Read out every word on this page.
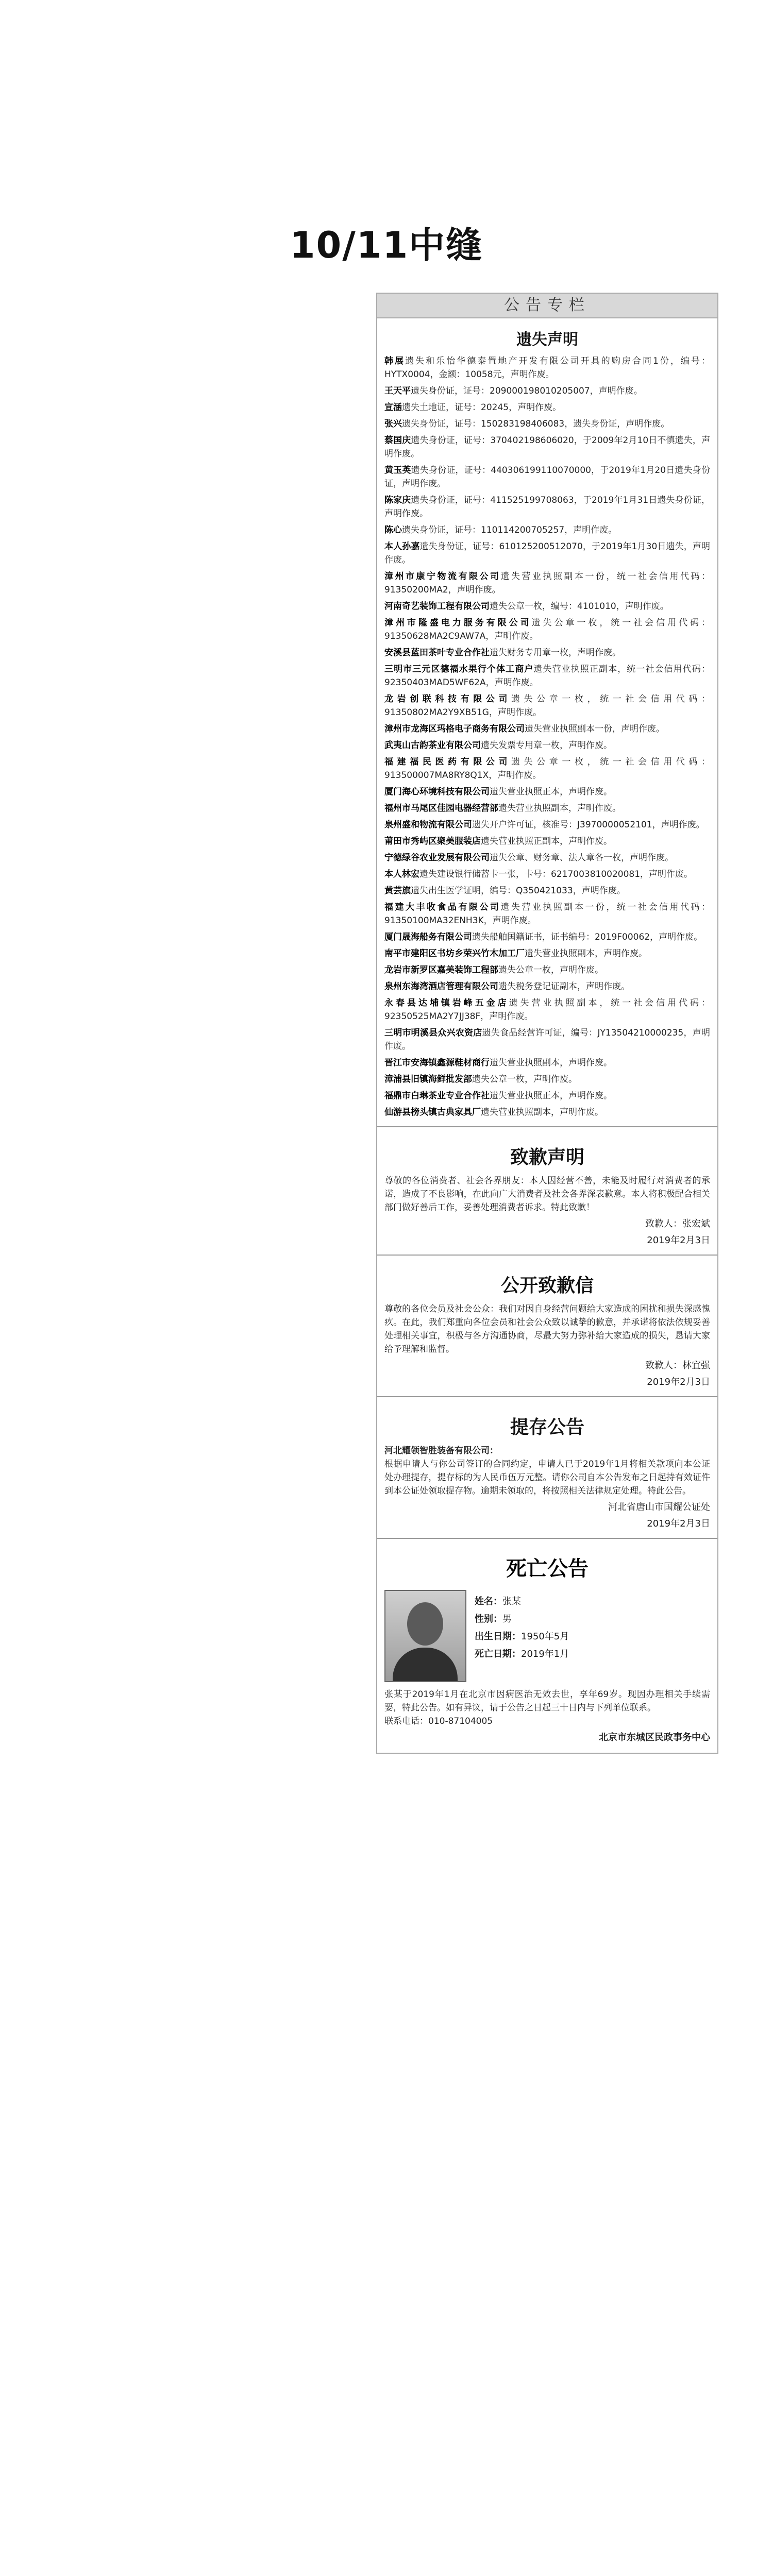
10/11中缝
公告专栏
遗失声明
韩展遗失和乐怡华德泰置地产开发有限公司开具的购房合同1份，编号：HYTX0004，金额：10058元，声明作废。
王天平遗失身份证，证号：209000198010205007，声明作废。
宣涵遗失土地证，证号：20245，声明作废。
张兴遗失身份证，证号：150283198406083，遗失身份证，声明作废。
蔡国庆遗失身份证，证号：370402198606020，于2009年2月10日不慎遗失，声明作废。
黄玉英遗失身份证，证号：440306199110070000，于2019年1月20日遗失身份证，声明作废。
陈家庆遗失身份证，证号：411525199708063，于2019年1月31日遗失身份证，声明作废。
陈心遗失身份证，证号：110114200705257，声明作废。
本人孙嘉遗失身份证，证号：610125200512070，于2019年1月30日遗失，声明作废。
漳州市康宁物流有限公司遗失营业执照副本一份，统一社会信用代码：91350200MA2，声明作废。
河南奇艺装饰工程有限公司遗失公章一枚，编号：4101010，声明作废。
漳州市隆盛电力服务有限公司遗失公章一枚，统一社会信用代码：91350628MA2C9AW7A，声明作废。
安溪县蓝田茶叶专业合作社遗失财务专用章一枚，声明作废。
三明市三元区德福水果行个体工商户遗失营业执照正副本，统一社会信用代码：92350403MAD5WF62A，声明作废。
龙岩创联科技有限公司遗失公章一枚，统一社会信用代码：91350802MA2Y9XB51G，声明作废。
漳州市龙海区玛格电子商务有限公司遗失营业执照副本一份，声明作废。
武夷山古韵茶业有限公司遗失发票专用章一枚，声明作废。
福建福民医药有限公司遗失公章一枚，统一社会信用代码：913500007MA8RY8Q1X，声明作废。
厦门海心环境科技有限公司遗失营业执照正本，声明作废。
福州市马尾区佳园电器经营部遗失营业执照副本，声明作废。
泉州盛和物流有限公司遗失开户许可证，核准号：J3970000052101，声明作废。
莆田市秀屿区聚美服装店遗失营业执照正副本，声明作废。
宁德绿谷农业发展有限公司遗失公章、财务章、法人章各一枚，声明作废。
本人林宏遗失建设银行储蓄卡一张，卡号：6217003810020081，声明作废。
黄芸旗遗失出生医学证明，编号：Q350421033，声明作废。
福建大丰收食品有限公司遗失营业执照副本一份，统一社会信用代码：91350100MA32ENH3K，声明作废。
厦门晟海船务有限公司遗失船舶国籍证书，证书编号：2019F00062，声明作废。
南平市建阳区书坊乡荣兴竹木加工厂遗失营业执照副本，声明作废。
龙岩市新罗区嘉美装饰工程部遗失公章一枚，声明作废。
泉州东海湾酒店管理有限公司遗失税务登记证副本，声明作废。
永春县达埔镇岩峰五金店遗失营业执照副本，统一社会信用代码：92350525MA2Y7JJ38F，声明作废。
三明市明溪县众兴农资店遗失食品经营许可证，编号：JY13504210000235，声明作废。
晋江市安海镇鑫源鞋材商行遗失营业执照副本，声明作废。
漳浦县旧镇海鲜批发部遗失公章一枚，声明作废。
福鼎市白琳茶业专业合作社遗失营业执照正本，声明作废。
仙游县榜头镇古典家具厂遗失营业执照副本，声明作废。
致歉声明
尊敬的各位消费者、社会各界朋友：本人因经营不善，未能及时履行对消费者的承诺，造成了不良影响，在此向广大消费者及社会各界深表歉意。本人将积极配合相关部门做好善后工作，妥善处理消费者诉求。特此致歉！
致歉人：张宏斌
2019年2月3日
公开致歉信
尊敬的各位会员及社会公众：我们对因自身经营问题给大家造成的困扰和损失深感愧疚。在此，我们郑重向各位会员和社会公众致以诚挚的歉意，并承诺将依法依规妥善处理相关事宜，积极与各方沟通协商，尽最大努力弥补给大家造成的损失，恳请大家给予理解和监督。
致歉人：林宜强
2019年2月3日
提存公告
河北耀领智胜装备有限公司：
根据申请人与你公司签订的合同约定，申请人已于2019年1月将相关款项向本公证处办理提存，提存标的为人民币伍万元整。请你公司自本公告发布之日起持有效证件到本公证处领取提存物。逾期未领取的，将按照相关法律规定处理。特此公告。
河北省唐山市国耀公证处
2019年2月3日
死亡公告
姓名：张某
性别：男
出生日期：1950年5月
死亡日期：2019年1月
张某于2019年1月在北京市因病医治无效去世，享年69岁。现因办理相关手续需要，特此公告。如有异议，请于公告之日起三十日内与下列单位联系。
联系电话：010-87104005
北京市东城区民政事务中心
